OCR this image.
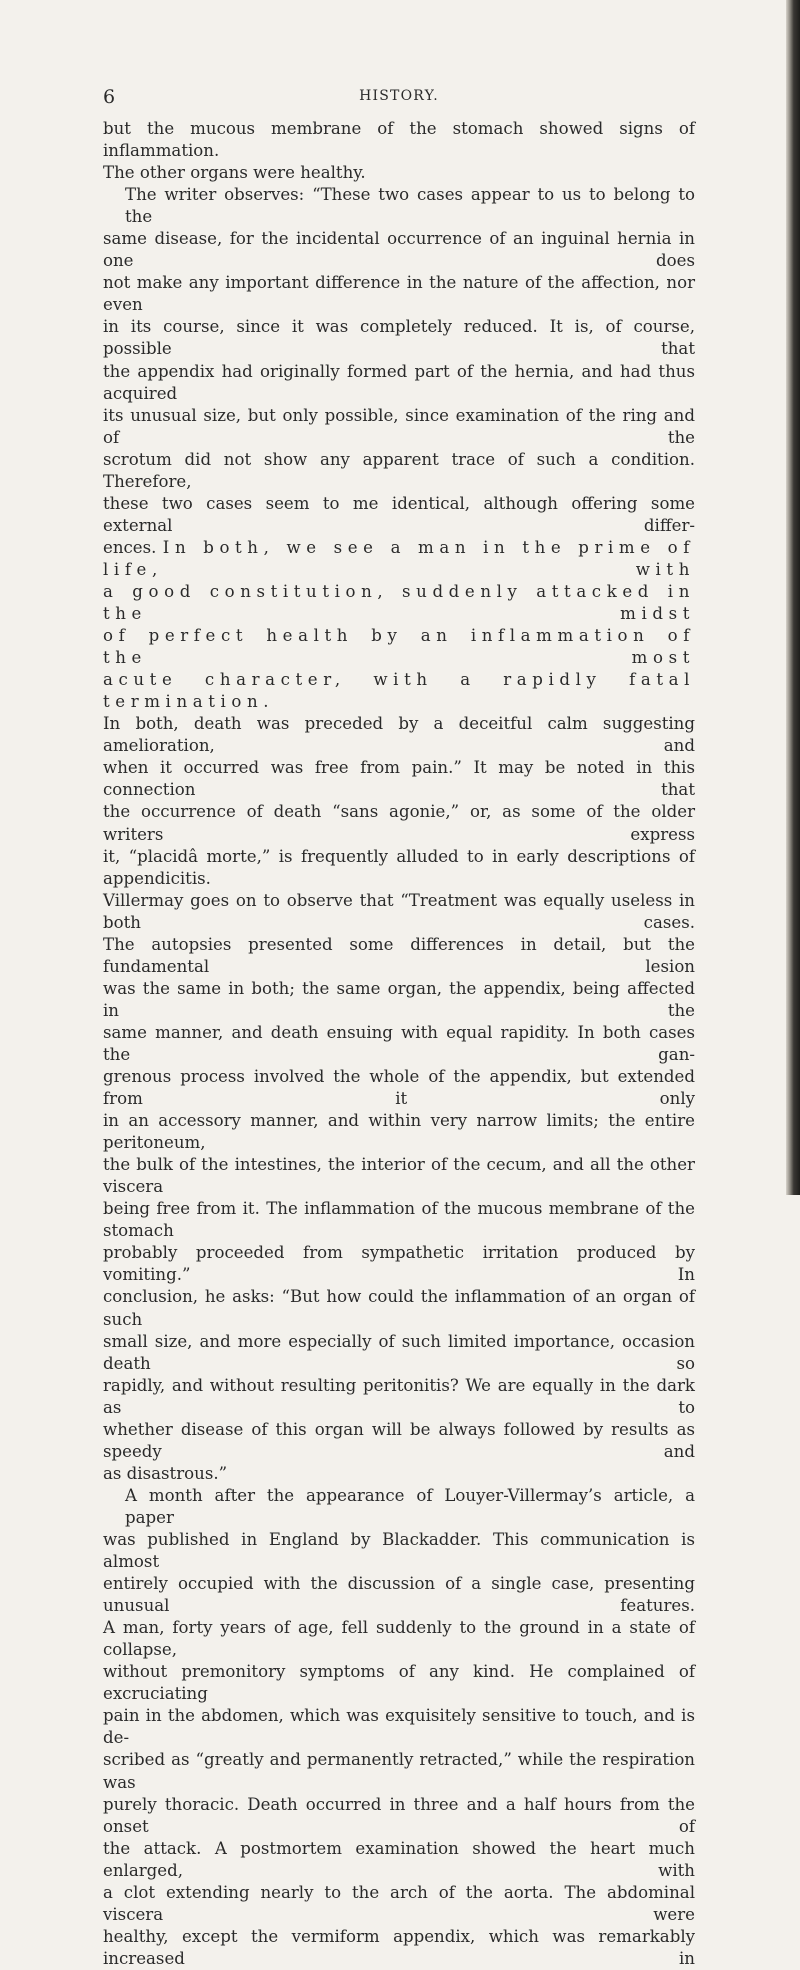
6	HISTORY.
but the mucous membrane of the stomach showed signs of inflammation.
The other organs were healthy.
The writer observes: “These two cases appear to us to belong to the
same disease, for the incidental occurrence of an inguinal hernia in one does
not make any important difference in the nature of the affection, nor even
in its course, since it was completely reduced. It is, of course, possible that
the appendix had originally formed part of the hernia, and had thus acquired
its unusual size, but only possible, since examination of the ring and of the
scrotum did not show any apparent trace of such a condition. Therefore,
these two cases seem to me identical, although offering some external differ-
ences. In both, we see a man in the prime of life, with
a good constitution, suddenly attacked in the midst
of perfect health by an inflammation of the most
acute character, with a rapidly fatal termination.
In both, death was preceded by a deceitful calm suggesting amelioration, and
when it occurred was free from pain.” It may be noted in this connection that
the occurrence of death “sans agonie,” or, as some of the older writers express
it, “placidâ morte,” is frequently alluded to in early descriptions of appendicitis.
Villermay goes on to observe that “Treatment was equally useless in both cases.
The autopsies presented some differences in detail, but the fundamental lesion
was the same in both; the same organ, the appendix, being affected in the
same manner, and death ensuing with equal rapidity. In both cases the gan-
grenous process involved the whole of the appendix, but extended from it only
in an accessory manner, and within very narrow limits; the entire peritoneum,
the bulk of the intestines, the interior of the cecum, and all the other viscera
being free from it. The inflammation of the mucous membrane of the stomach
probably proceeded from sympathetic irritation produced by vomiting.” In
conclusion, he asks: “But how could the inflammation of an organ of such
small size, and more especially of such limited importance, occasion death so
rapidly, and without resulting peritonitis? We are equally in the dark as to
whether disease of this organ will be always followed by results as speedy and
as disastrous.”
A month after the appearance of Louyer-Villermay’s article, a paper
was published in England by Blackadder. This communication is almost
entirely occupied with the discussion of a single case, presenting unusual features.
A man, forty years of age, fell suddenly to the ground in a state of collapse,
without premonitory symptoms of any kind. He complained of excruciating
pain in the abdomen, which was exquisitely sensitive to touch, and is de-
scribed as “greatly and permanently retracted,” while the respiration was
purely thoracic. Death occurred in three and a half hours from the onset of
the attack. A postmortem examination showed the heart much enlarged, with
a clot extending nearly to the arch of the aorta. The abdominal viscera were
healthy, except the vermiform appendix, which was remarkably increased in
